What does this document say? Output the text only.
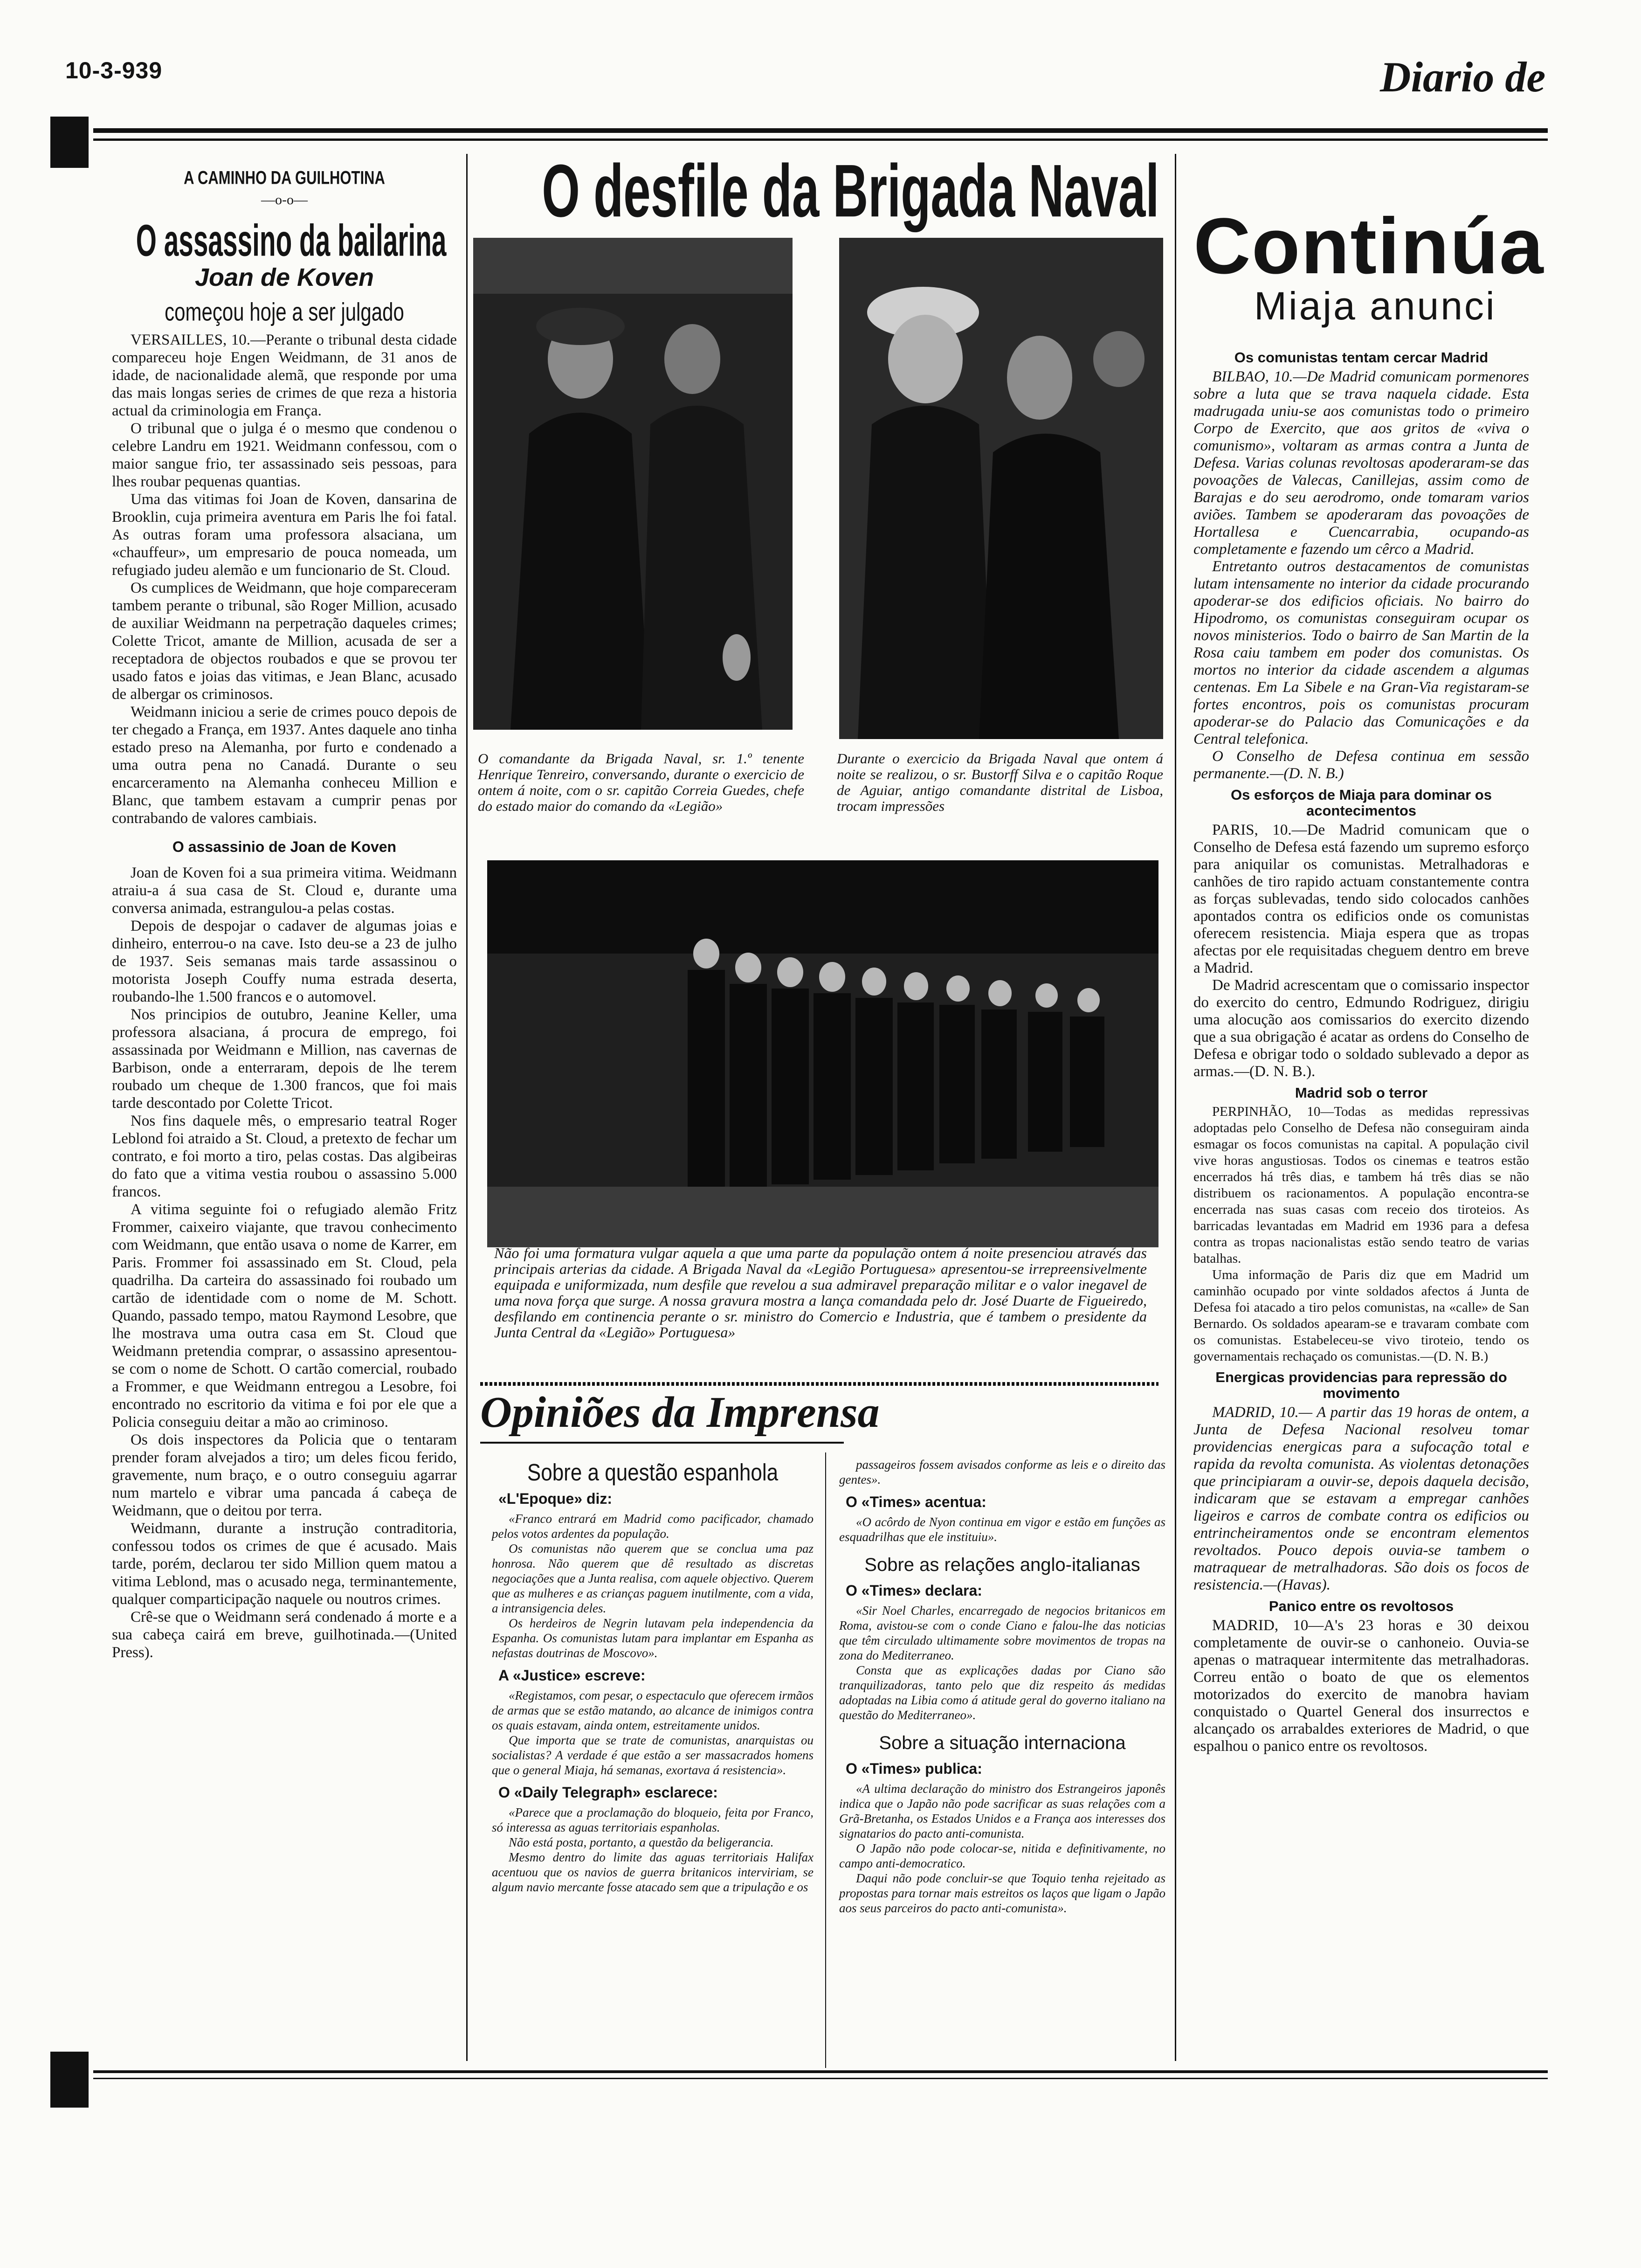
10-3-939	Diario de
A CAMINHO DA GUILHOTINA
—o-o—
O assassino da bailarina
Joan de Koven
começou hoje a ser julgado

VERSAILLES, 10.—Perante o tribunal desta cidade compareceu hoje Engen Weidmann, de 31 anos de idade, de nacionalidade alemã, que responde por uma das mais longas series de crimes de que reza a historia actual da criminologia em França.

O tribunal que o julga é o mesmo que condenou o celebre Landru em 1921. Weidmann confessou, com o maior sangue frio, ter assassinado seis pessoas, para lhes roubar pequenas quantias.

Uma das vitimas foi Joan de Koven, dansarina de Brooklin, cuja primeira aventura em Paris lhe foi fatal. As outras foram uma professora alsaciana, um «chauffeur», um empresario de pouca nomeada, um refugiado judeu alemão e um funcionario de St. Cloud.

Os cumplices de Weidmann, que hoje compareceram tambem perante o tribunal, são Roger Million, acusado de auxiliar Weidmann na perpetração daqueles crimes; Colette Tricot, amante de Million, acusada de ser a receptadora de objectos roubados e que se provou ter usado fatos e joias das vitimas, e Jean Blanc, acusado de albergar os criminosos.

Weidmann iniciou a serie de crimes pouco depois de ter chegado a França, em 1937. Antes daquele ano tinha estado preso na Alemanha, por furto e condenado a uma outra pena no Canadá. Durante o seu encarceramento na Alemanha conheceu Million e Blanc, que tambem estavam a cumprir penas por contrabando de valores cambiais.

O assassinio de Joan de Koven

Joan de Koven foi a sua primeira vitima. Weidmann atraiu-a á sua casa de St. Cloud e, durante uma conversa animada, estrangulou-a pelas costas.

Depois de despojar o cadaver de algumas joias e dinheiro, enterrou-o na cave. Isto deu-se a 23 de julho de 1937. Seis semanas mais tarde assassinou o motorista Joseph Couffy numa estrada deserta, roubando-lhe 1.500 francos e o automovel.

Nos principios de outubro, Jeanine Keller, uma professora alsaciana, á procura de emprego, foi assassinada por Weidmann e Million, nas cavernas de Barbison, onde a enterraram, depois de lhe terem roubado um cheque de 1.300 francos, que foi mais tarde descontado por Colette Tricot.

Nos fins daquele mês, o empresario teatral Roger Leblond foi atraido a St. Cloud, a pretexto de fechar um contrato, e foi morto a tiro, pelas costas. Das algibeiras do fato que a vitima vestia roubou o assassino 5.000 francos.

A vitima seguinte foi o refugiado alemão Fritz Frommer, caixeiro viajante, que travou conhecimento com Weidmann, que então usava o nome de Karrer, em Paris. Frommer foi assassinado em St. Cloud, pela quadrilha. Da carteira do assassinado foi roubado um cartão de identidade com o nome de M. Schott. Quando, passado tempo, matou Raymond Lesobre, que lhe mostrava uma outra casa em St. Cloud que Weidmann pretendia comprar, o assassino apresentou-se com o nome de Schott. O cartão comercial, roubado a Frommer, e que Weidmann entregou a Lesobre, foi encontrado no escritorio da vitima e foi por ele que a Policia conseguiu deitar a mão ao criminoso.

Os dois inspectores da Policia que o tentaram prender foram alvejados a tiro; um deles ficou ferido, gravemente, num braço, e o outro conseguiu agarrar num martelo e vibrar uma pancada á cabeça de Weidmann, que o deitou por terra.

Weidmann, durante a instrução contraditoria, confessou todos os crimes de que é acusado. Mais tarde, porém, declarou ter sido Million quem matou a vitima Leblond, mas o acusado nega, terminantemente, qualquer comparticipação naquele ou noutros crimes.

Crê-se que o Weidmann será condenado á morte e a sua cabeça cairá em breve, guilhotinada.—(United Press).

O desfile da Brigada Naval
O comandante da Brigada Naval, sr. 1.º tenente Henrique Tenreiro, conversando, durante o exercicio de ontem á noite, com o sr. capitão Correia Guedes, chefe do estado maior do comando da «Legião»
Durante o exercicio da Brigada Naval que ontem á noite se realizou, o sr. Bustorff Silva e o capitão Roque de Aguiar, antigo comandante distrital de Lisboa, trocam impressões
Não foi uma formatura vulgar aquela a que uma parte da população ontem á noite presenciou através das principais arterias da cidade. A Brigada Naval da «Legião Portuguesa» apresentou-se irrepreensivelmente equipada e uniformizada, num desfile que revelou a sua admiravel preparação militar e o valor inegavel de uma nova força que surge. A nossa gravura mostra a lança comandada pelo dr. José Duarte de Figueiredo, desfilando em continencia perante o sr. ministro do Comercio e Industria, que é tambem o presidente da Junta Central da «Legião» Portuguesa»
Opiniões da Imprensa
Sobre a questão espanhola
«L'Epoque» diz:
«Franco entrará em Madrid como pacificador, chamado pelos votos ardentes da população.
Os comunistas não querem que se conclua uma paz honrosa. Não querem que dê resultado as discretas negociações que a Junta realisa, com aquele objectivo. Querem que as mulheres e as crianças paguem inutilmente, com a vida, a intransigencia deles.
Os herdeiros de Negrin lutavam pela independencia da Espanha. Os comunistas lutam para implantar em Espanha as nefastas doutrinas de Moscovo».
A «Justice» escreve:
«Registamos, com pesar, o espectaculo que oferecem irmãos de armas que se estão matando, ao alcance de inimigos contra os quais estavam, ainda ontem, estreitamente unidos.
Que importa que se trate de comunistas, anarquistas ou socialistas? A verdade é que estão a ser massacrados homens que o general Miaja, há semanas, exortava á resistencia».
O «Daily Telegraph» esclarece:
«Parece que a proclamação do bloqueio, feita por Franco, só interessa as aguas territoriais espanholas.
Não está posta, portanto, a questão da beligerancia.
Mesmo dentro do limite das aguas territoriais Halifax acentuou que os navios de guerra britanicos interviriam, se algum navio mercante fosse atacado sem que a tripulação e os
passageiros fossem avisados conforme as leis e o direito das gentes».
O «Times» acentua:
«O acôrdo de Nyon continua em vigor e estão em funções as esquadrilhas que ele instituiu».
Sobre as relações anglo-italianas
O «Times» declara:
«Sir Noel Charles, encarregado de negocios britanicos em Roma, avistou-se com o conde Ciano e falou-lhe das noticias que têm circulado ultimamente sobre movimentos de tropas na zona do Mediterraneo.
Consta que as explicações dadas por Ciano são tranquilizadoras, tanto pelo que diz respeito ás medidas adoptadas na Libia como á atitude geral do governo italiano na questão do Mediterraneo».
Sobre a situação internaciona
O «Times» publica:
«A ultima declaração do ministro dos Estrangeiros japonês indica que o Japão não pode sacrificar as suas relações com a Grã-Bretanha, os Estados Unidos e a França aos interesses dos signatarios do pacto anti-comunista.
O Japão não pode colocar-se, nitida e definitivamente, no campo anti-democratico.
Daqui não pode concluir-se que Toquio tenha rejeitado as propostas para tornar mais estreitos os laços que ligam o Japão aos seus parceiros do pacto anti-comunista».
Continúa
Miaja anunci
Os comunistas tentam cercar Madrid

BILBAO, 10.—De Madrid comunicam pormenores sobre a luta que se trava naquela cidade. Esta madrugada uniu-se aos comunistas todo o primeiro Corpo de Exercito, que aos gritos de «viva o comunismo», voltaram as armas contra a Junta de Defesa. Varias colunas revoltosas apoderaram-se das povoações de Valecas, Canillejas, assim como de Barajas e do seu aerodromo, onde tomaram varios aviões. Tambem se apoderaram das povoações de Hortallesa e Cuencarrabia, ocupando-as completamente e fazendo um cêrco a Madrid.

Entretanto outros destacamentos de comunistas lutam intensamente no interior da cidade procurando apoderar-se dos edificios oficiais. No bairro do Hipodromo, os comunistas conseguiram ocupar os novos ministerios. Todo o bairro de San Martin de la Rosa caiu tambem em poder dos comunistas. Os mortos no interior da cidade ascendem a algumas centenas. Em La Sibele e na Gran-Via registaram-se fortes encontros, pois os comunistas procuram apoderar-se do Palacio das Comunicações e da Central telefonica.

O Conselho de Defesa continua em sessão permanente.—(D. N. B.)

Os esforços de Miaja para dominar os acontecimentos

PARIS, 10.—De Madrid comunicam que o Conselho de Defesa está fazendo um supremo esforço para aniquilar os comunistas. Metralhadoras e canhões de tiro rapido actuam constantemente contra as forças sublevadas, tendo sido colocados canhões apontados contra os edificios onde os comunistas oferecem resistencia. Miaja espera que as tropas afectas por ele requisitadas cheguem dentro em breve a Madrid.

De Madrid acrescentam que o comissario inspector do exercito do centro, Edmundo Rodriguez, dirigiu uma alocução aos comissarios do exercito dizendo que a sua obrigação é acatar as ordens do Conselho de Defesa e obrigar todo o soldado sublevado a depor as armas.—(D. N. B.).

Madrid sob o terror

PERPINHÃO, 10—Todas as medidas repressivas adoptadas pelo Conselho de Defesa não conseguiram ainda esmagar os focos comunistas na capital. A população civil vive horas angustiosas. Todos os cinemas e teatros estão encerrados há três dias, e tambem há três dias se não distribuem os racionamentos. A população encontra-se encerrada nas suas casas com receio dos tiroteios. As barricadas levantadas em Madrid em 1936 para a defesa contra as tropas nacionalistas estão sendo teatro de varias batalhas.

Uma informação de Paris diz que em Madrid um caminhão ocupado por vinte soldados afectos á Junta de Defesa foi atacado a tiro pelos comunistas, na «calle» de San Bernardo. Os soldados apearam-se e travaram combate com os comunistas. Estabeleceu-se vivo tiroteio, tendo os governamentais rechaçado os comunistas.—(D. N. B.)

Energicas providencias para repressão do movimento

MADRID, 10.— A partir das 19 horas de ontem, a Junta de Defesa Nacional resolveu tomar providencias energicas para a sufocação total e rapida da revolta comunista. As violentas detonações que principiaram a ouvir-se, depois daquela decisão, indicaram que se estavam a empregar canhões ligeiros e carros de combate contra os edificios ou entrincheiramentos onde se encontram elementos revoltados. Pouco depois ouvia-se tambem o matraquear de metralhadoras. São dois os focos de resistencia.—(Havas).

Panico entre os revoltosos

MADRID, 10—A's 23 horas e 30 deixou completamente de ouvir-se o canhoneio. Ouvia-se apenas o matraquear intermitente das metralhadoras. Correu então o boato de que os elementos motorizados do exercito de manobra haviam conquistado o Quartel General dos insurrectos e alcançado os arrabaldes exteriores de Madrid, o que espalhou o panico entre os revoltosos.
